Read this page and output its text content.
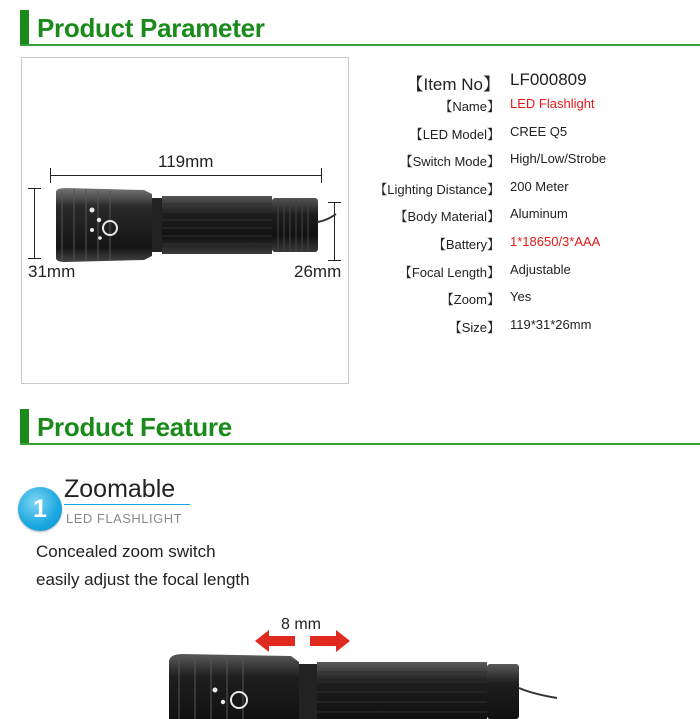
Product Parameter
119mm
31mm	26mm
【Item No】 LF000809
【Name】 LED Flashlight
【LED Model】 CREE Q5
【Switch Mode】 High/Low/Strobe
【Lighting Distance】 200 Meter
【Body Material】 Aluminum
【Battery】 1*18650/3*AAA
【Focal Length】 Adjustable
【Zoom】 Yes
【Size】 119*31*26mm
Product Feature
1
Zoomable
LED FLASHLIGHT
Concealed zoom switch
easily adjust the focal length
8 mm
